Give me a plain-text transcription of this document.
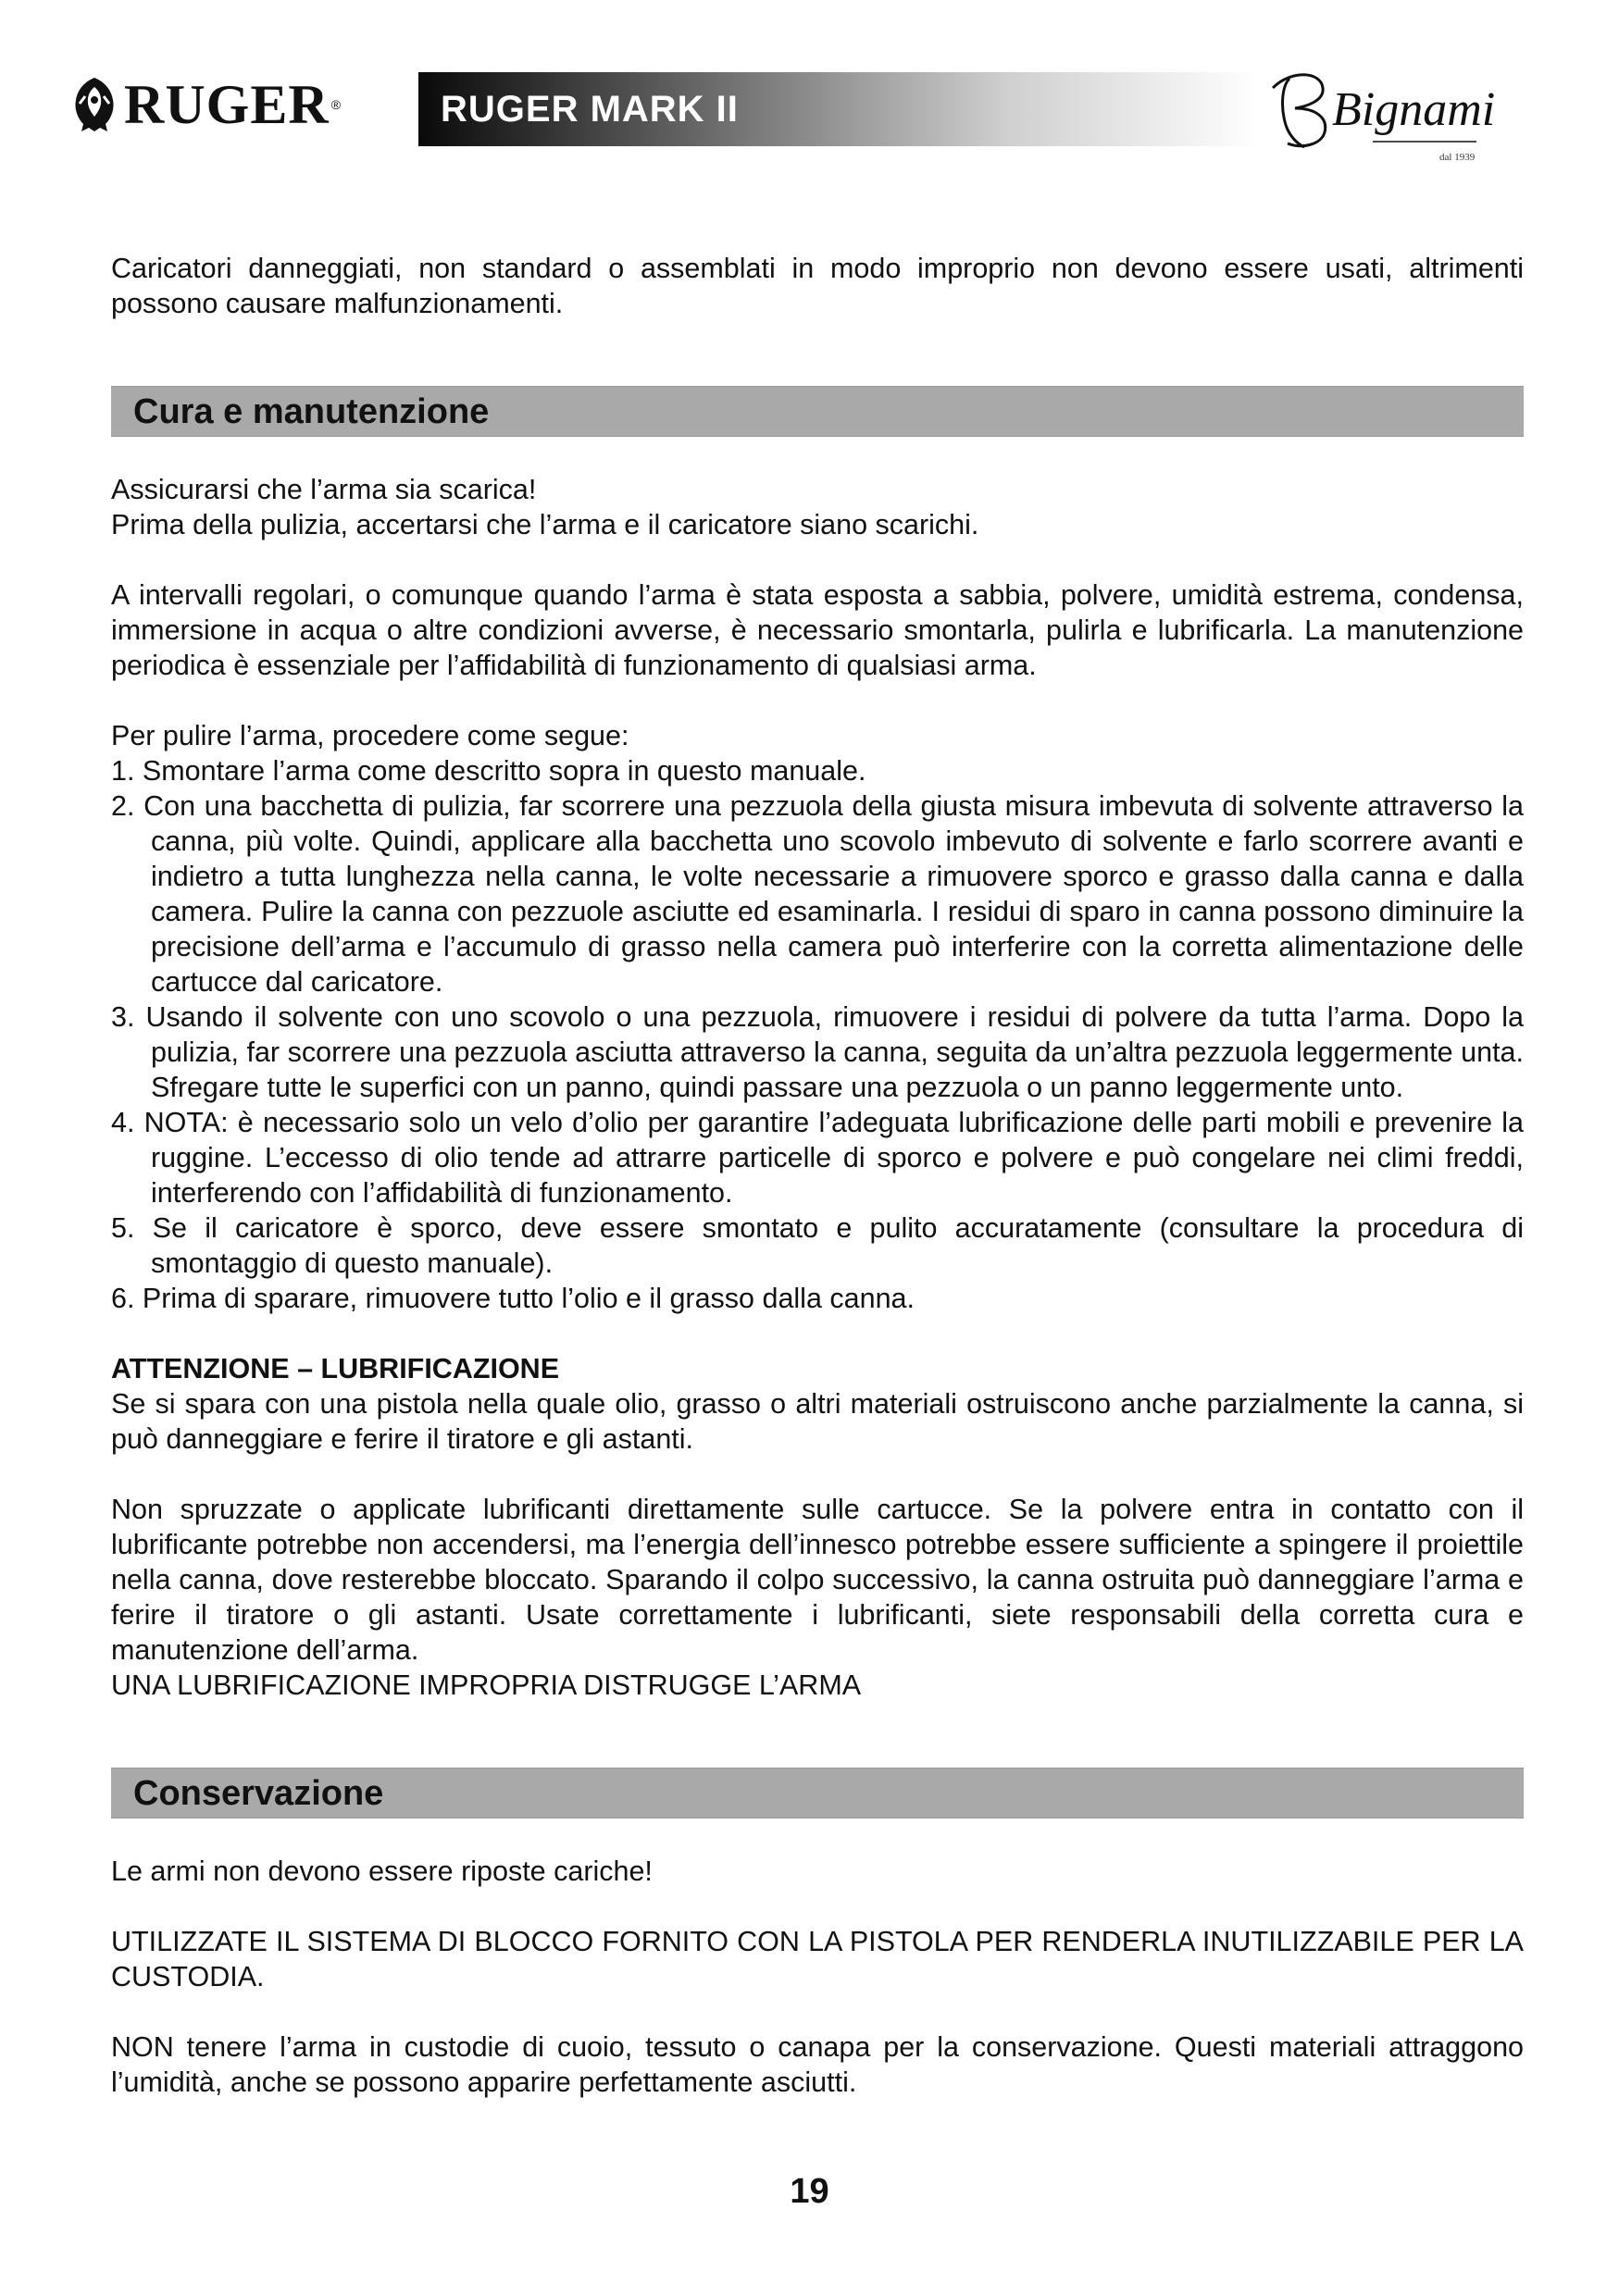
RUGER ®	RUGER MARK II	Bignami
dal 1939

Caricatori danneggiati, non standard o assemblati in modo improprio non devono essere usati, altrimenti possono causare malfunzionamenti.

Cura e manutenzione

Assicurarsi che l’arma sia scarica!

Prima della pulizia, accertarsi che l’arma e il caricatore siano scarichi.

A intervalli regolari, o comunque quando l’arma è stata esposta a sabbia, polvere, umidità estrema, condensa, immersione in acqua o altre condizioni avverse, è necessario smontarla, pulirla e lubrificarla. La manutenzione periodica è essenziale per l’affidabilità di funzionamento di qualsiasi arma.

Per pulire l’arma, procedere come segue:

1. Smontare l’arma come descritto sopra in questo manuale.
2. Con una bacchetta di pulizia, far scorrere una pezzuola della giusta misura imbevuta di solvente attraverso la canna, più volte. Quindi, applicare alla bacchetta uno scovolo imbevuto di solvente e farlo scorrere avanti e indietro a tutta lunghezza nella canna, le volte necessarie a rimuovere sporco e grasso dalla canna e dalla camera. Pulire la canna con pezzuole asciutte ed esaminarla. I residui di sparo in canna possono diminuire la precisione dell’arma e l’accumulo di grasso nella camera può interferire con la corretta alimentazione delle cartucce dal caricatore.
3. Usando il solvente con uno scovolo o una pezzuola, rimuovere i residui di polvere da tutta l’arma. Dopo la pulizia, far scorrere una pezzuola asciutta attraverso la canna, seguita da un’altra pezzuola leggermente unta. Sfregare tutte le superfici con un panno, quindi passare una pezzuola o un panno leggermente unto.
4. NOTA: è necessario solo un velo d’olio per garantire l’adeguata lubrificazione delle parti mobili e prevenire la ruggine. L’eccesso di olio tende ad attrarre particelle di sporco e polvere e può congelare nei climi freddi, interferendo con l’affidabilità di funzionamento.
5. Se il caricatore è sporco, deve essere smontato e pulito accuratamente (consultare la procedura di smontaggio di questo manuale).
6. Prima di sparare, rimuovere tutto l’olio e il grasso dalla canna.

ATTENZIONE – LUBRIFICAZIONE

Se si spara con una pistola nella quale olio, grasso o altri materiali ostruiscono anche parzialmente la canna, si può danneggiare e ferire il tiratore e gli astanti.

Non spruzzate o applicate lubrificanti direttamente sulle cartucce. Se la polvere entra in contatto con il lubrificante potrebbe non accendersi, ma l’energia dell’innesco potrebbe essere sufficiente a spingere il proiettile nella canna, dove resterebbe bloccato. Sparando il colpo successivo, la canna ostruita può danneggiare l’arma e ferire il tiratore o gli astanti. Usate correttamente i lubrificanti, siete responsabili della corretta cura e manutenzione dell’arma.

UNA LUBRIFICAZIONE IMPROPRIA DISTRUGGE L’ARMA

Conservazione

Le armi non devono essere riposte cariche!

UTILIZZATE IL SISTEMA DI BLOCCO FORNITO CON LA PISTOLA PER RENDERLA INUTILIZZABILE PER LA CUSTODIA.

NON tenere l’arma in custodie di cuoio, tessuto o canapa per la conservazione. Questi materiali attraggono l’umidità, anche se possono apparire perfettamente asciutti.

19
